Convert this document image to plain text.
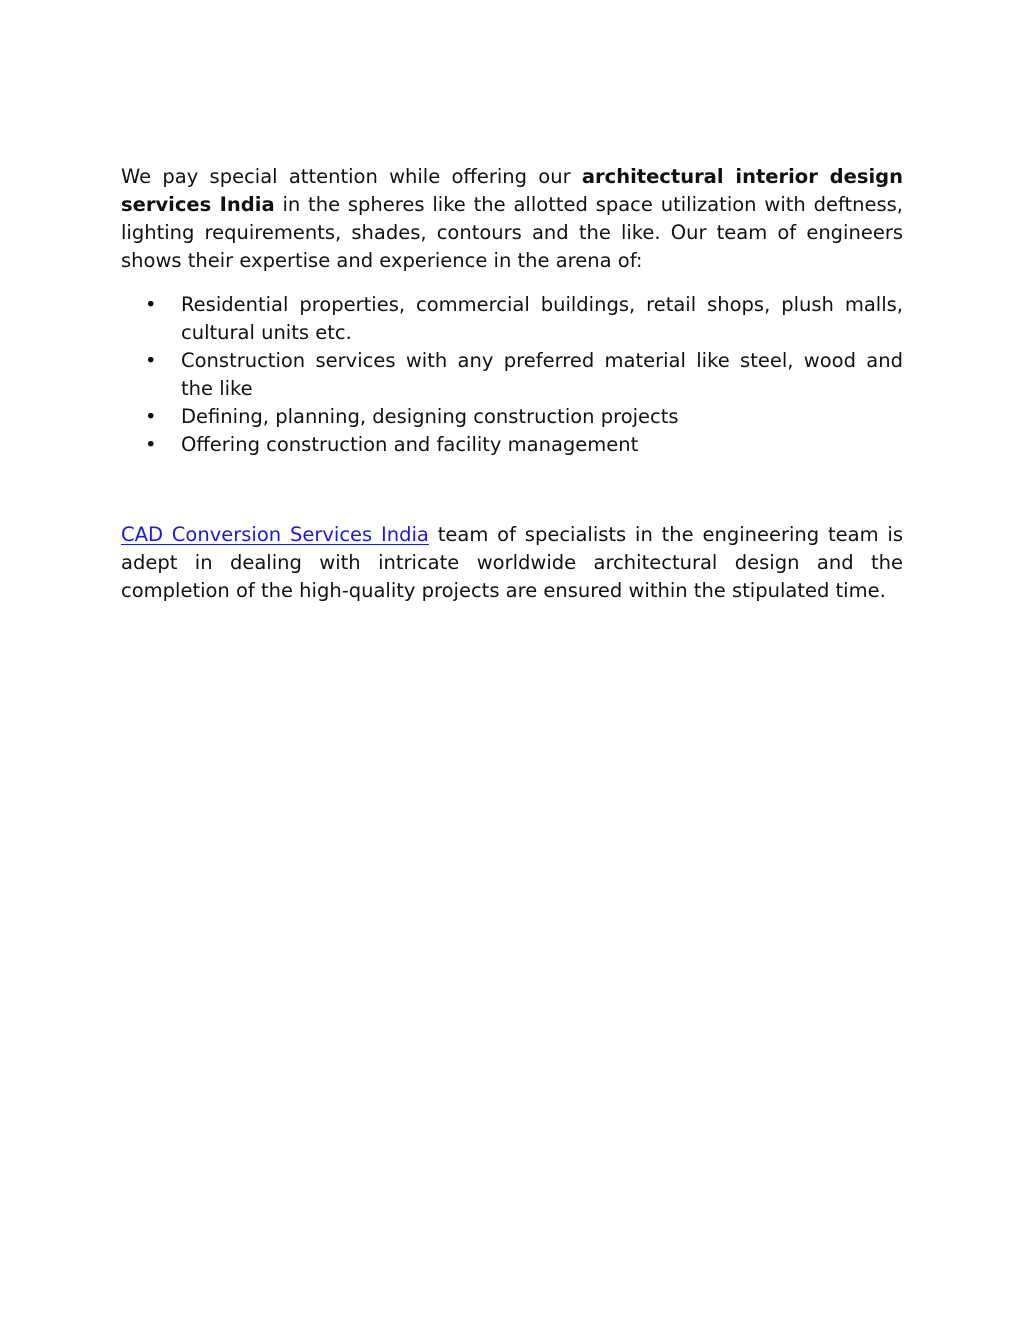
We pay special attention while offering our architectural interior design services India in the spheres like the allotted space utilization with deftness, lighting requirements, shades, contours and the like. Our team of engineers shows their expertise and experience in the arena of:

• Residential properties, commercial buildings, retail shops, plush malls, cultural units etc.
• Construction services with any preferred material like steel, wood and the like
• Defining, planning, designing construction projects
• Offering construction and facility management

CAD Conversion Services India team of specialists in the engineering team is adept in dealing with intricate worldwide architectural design and the completion of the high-quality projects are ensured within the stipulated time.
